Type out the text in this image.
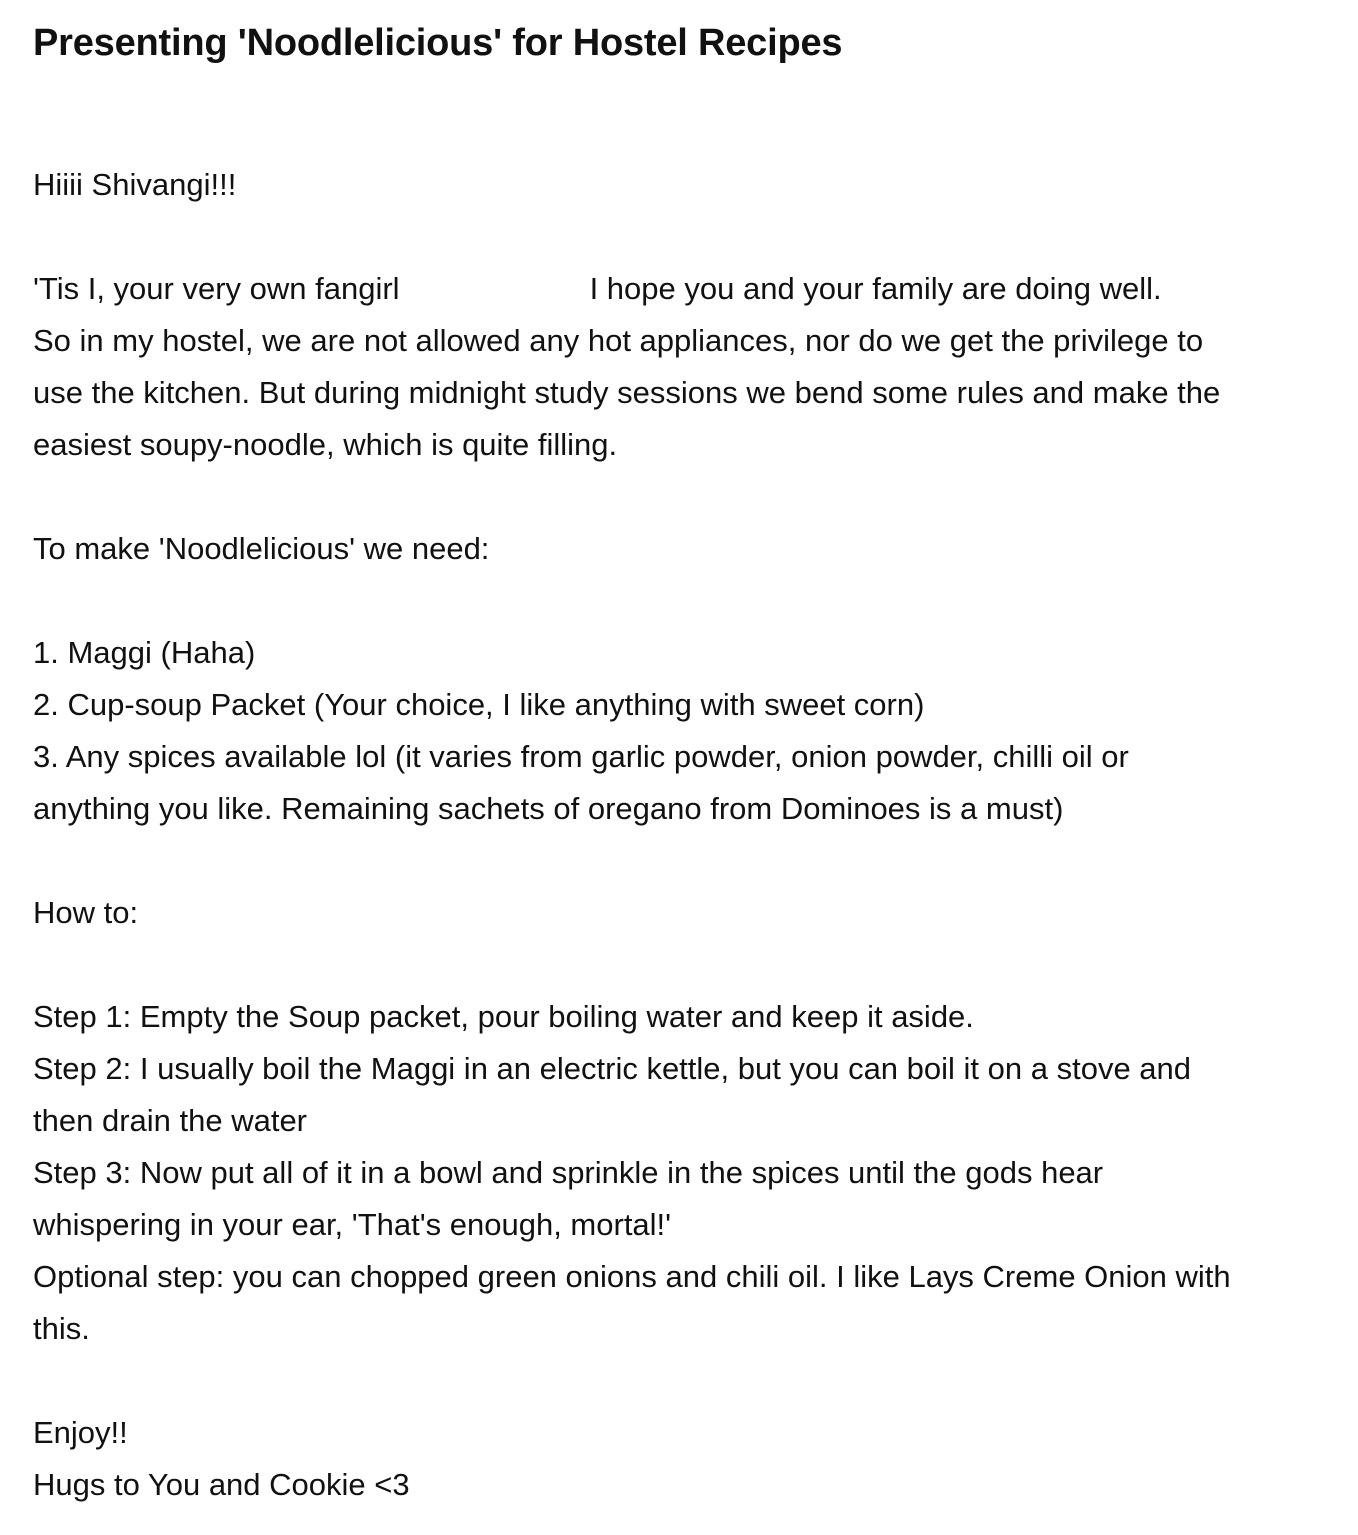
Presenting 'Noodlelicious' for Hostel Recipes
Hiiii Shivangi!!!
'Tis I, your very own fangirl	I hope you and your family are doing well.
So in my hostel, we are not allowed any hot appliances, nor do we get the privilege to
use the kitchen. But during midnight study sessions we bend some rules and make the
easiest soupy-noodle, which is quite filling.
To make 'Noodlelicious' we need:
1. Maggi (Haha)
2. Cup-soup Packet (Your choice, I like anything with sweet corn)
3. Any spices available lol (it varies from garlic powder, onion powder, chilli oil or
anything you like. Remaining sachets of oregano from Dominoes is a must)
How to:
Step 1: Empty the Soup packet, pour boiling water and keep it aside.
Step 2: I usually boil the Maggi in an electric kettle, but you can boil it on a stove and
then drain the water
Step 3: Now put all of it in a bowl and sprinkle in the spices until the gods hear
whispering in your ear, 'That's enough, mortal!'
Optional step: you can chopped green onions and chili oil. I like Lays Creme Onion with
this.
Enjoy!!
Hugs to You and Cookie <3
